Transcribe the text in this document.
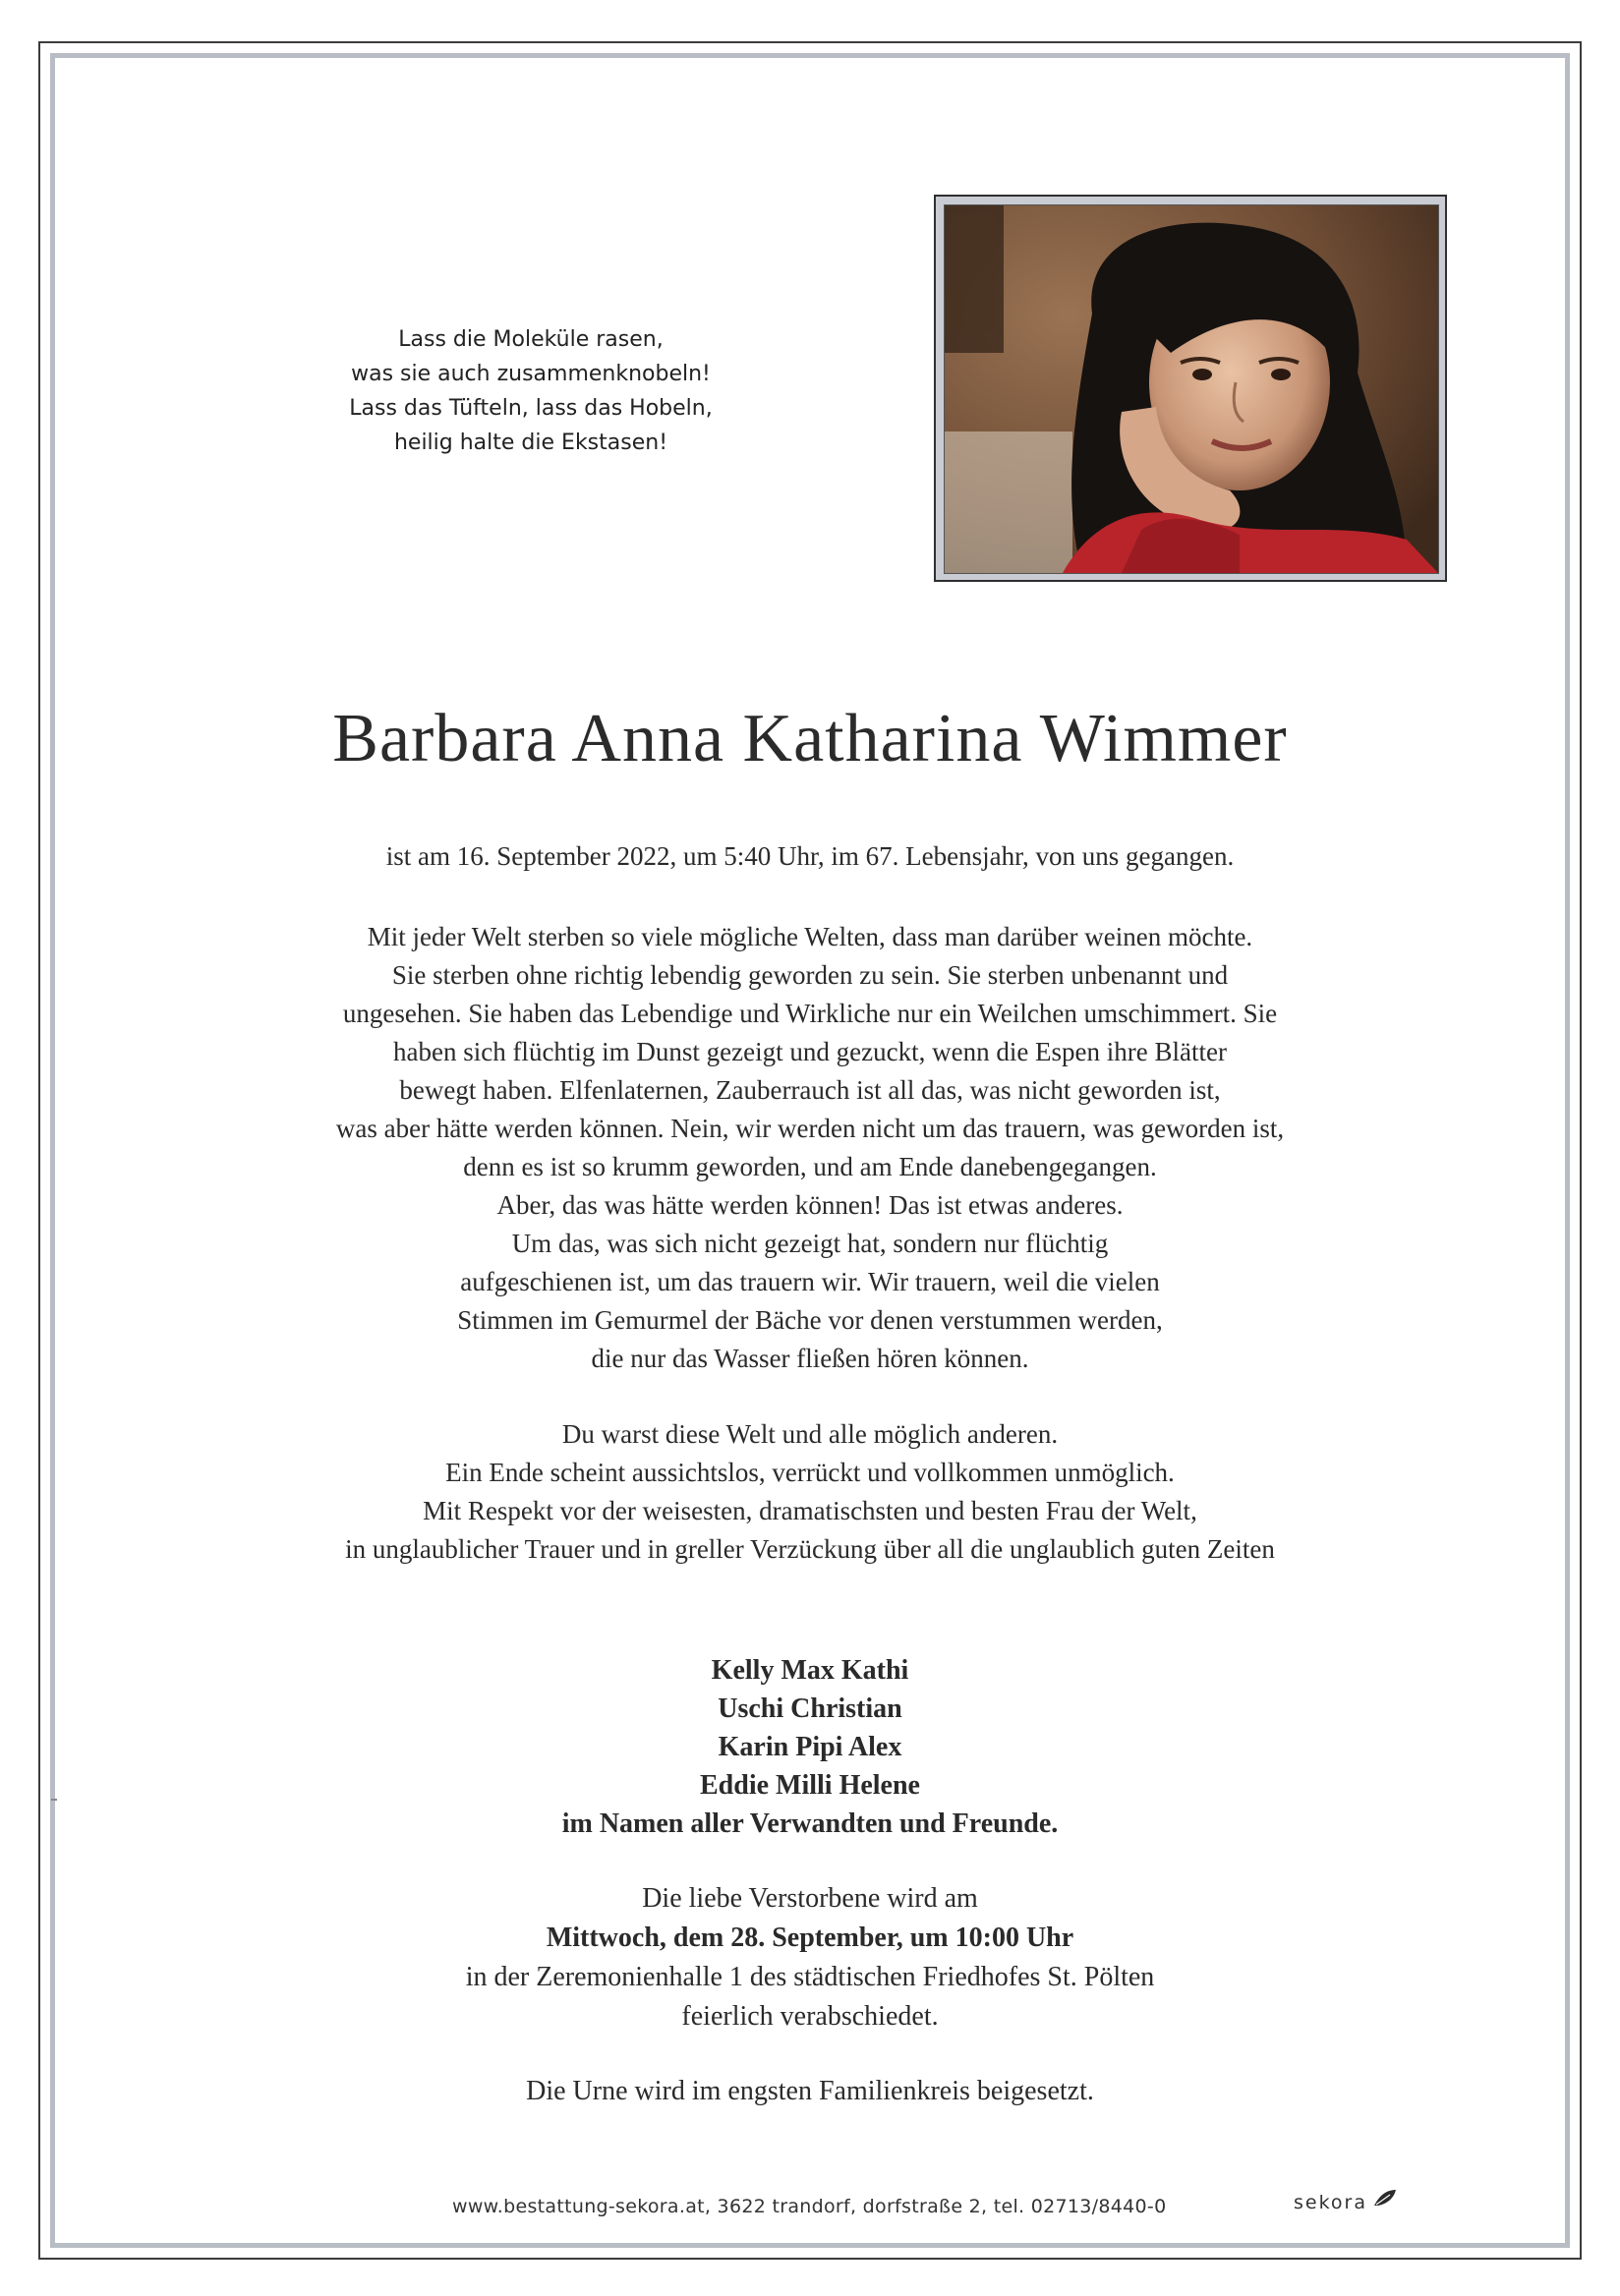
Lass die Moleküle rasen,
was sie auch zusammenknobeln!
Lass das Tüfteln, lass das Hobeln,
heilig halte die Ekstasen!
Barbara Anna Katharina Wimmer
ist am 16. September 2022, um 5:40 Uhr, im 67. Lebensjahr, von uns gegangen.
Mit jeder Welt sterben so viele mögliche Welten, dass man darüber weinen möchte.
Sie sterben ohne richtig lebendig geworden zu sein. Sie sterben unbenannt und
ungesehen. Sie haben das Lebendige und Wirkliche nur ein Weilchen umschimmert. Sie
haben sich flüchtig im Dunst gezeigt und gezuckt, wenn die Espen ihre Blätter
bewegt haben. Elfenlaternen, Zauberrauch ist all das, was nicht geworden ist,
was aber hätte werden können. Nein, wir werden nicht um das trauern, was geworden ist,
denn es ist so krumm geworden, und am Ende danebengegangen.
Aber, das was hätte werden können! Das ist etwas anderes.
Um das, was sich nicht gezeigt hat, sondern nur flüchtig
aufgeschienen ist, um das trauern wir. Wir trauern, weil die vielen
Stimmen im Gemurmel der Bäche vor denen verstummen werden,
die nur das Wasser fließen hören können.
Du warst diese Welt und alle möglich anderen.
Ein Ende scheint aussichtslos, verrückt und vollkommen unmöglich.
Mit Respekt vor der weisesten, dramatischsten und besten Frau der Welt,
in unglaublicher Trauer und in greller Verzückung über all die unglaublich guten Zeiten
Kelly Max Kathi
Uschi Christian
Karin Pipi Alex
Eddie Milli Helene
im Namen aller Verwandten und Freunde.
Die liebe Verstorbene wird am
Mittwoch, dem 28. September, um 10:00 Uhr
in der Zeremonienhalle 1 des städtischen Friedhofes St. Pölten
feierlich verabschiedet.
Die Urne wird im engsten Familienkreis beigesetzt.
www.bestattung-sekora.at, 3622 trandorf, dorfstraße 2, tel. 02713/8440-0	sekora
